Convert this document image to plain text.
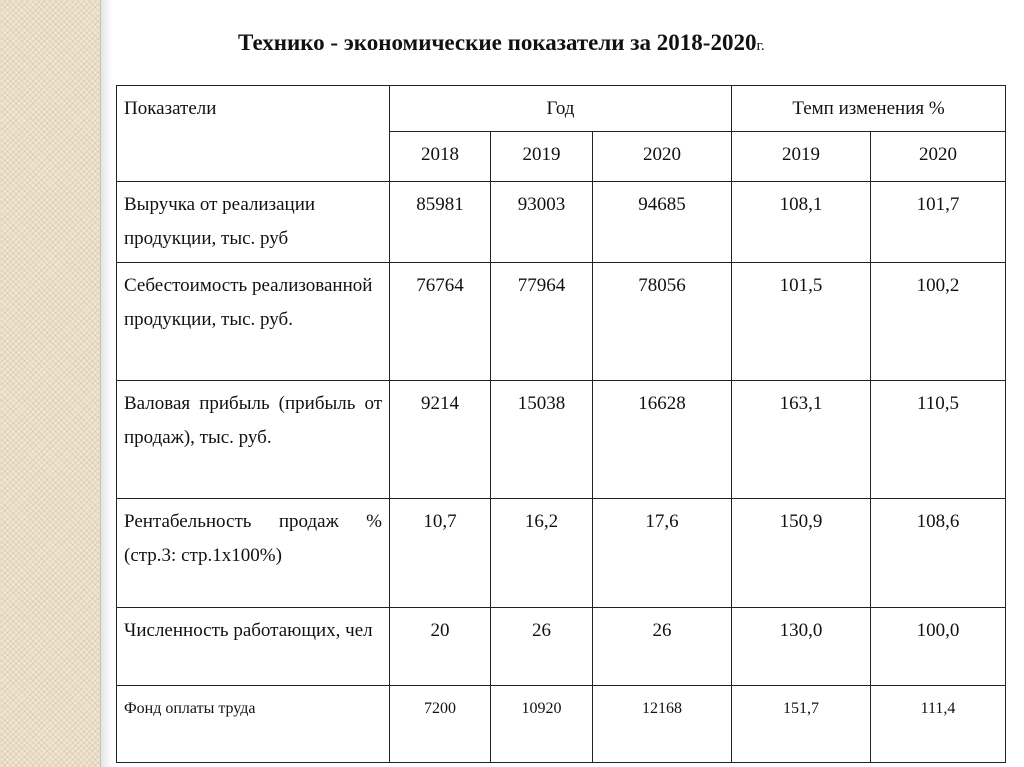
Технико - экономические показатели за 2018-2020г.
Показатели	Год			Темп изменения %	
	2018	2019	2020	2019	2020
Выручка от реализации продукции, тыс. руб	85981	93003	94685	108,1	101,7
Себестоимость реализованной продукции, тыс. руб.	76764	77964	78056	101,5	100,2
Валовая прибыль (прибыль от продаж), тыс. руб.	9214	15038	16628	163,1	110,5
Рентабельность продаж % (стр.3: стр.1х100%)	10,7	16,2	17,6	150,9	108,6
Численность работающих, чел	20	26	26	130,0	100,0
Фонд оплаты труда	7200	10920	12168	151,7	111,4
